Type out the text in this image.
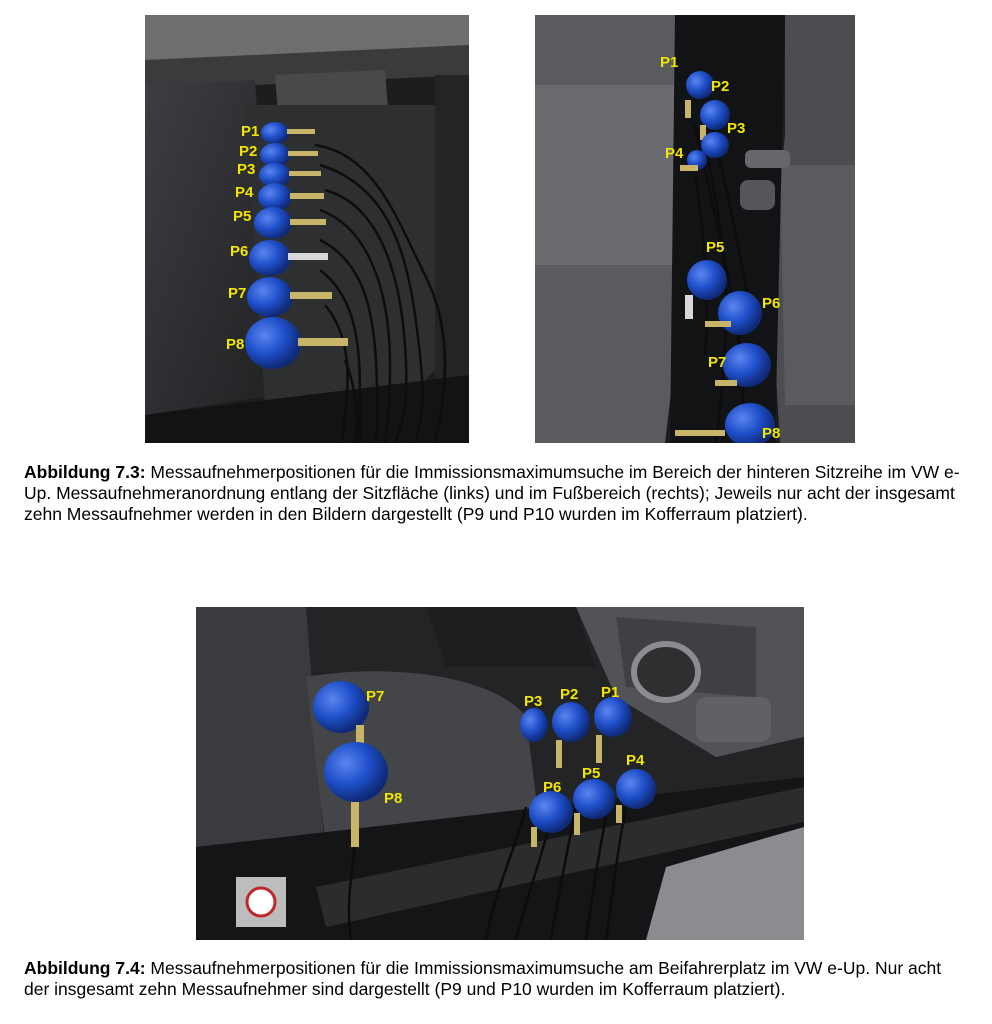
P1
P2
P3
P4
P5
P6
P7
P8
P1
P2
P3
P4
P5
P6
P7
P8
Abbildung 7.3: Messaufnehmerpositionen für die Immissionsmaximumsuche im Bereich der hinteren Sitzreihe im VW e-Up. Messaufnehmeranordnung entlang der Sitzfläche (links) und im Fußbereich (rechts); Jeweils nur acht der insgesamt zehn Messaufnehmer werden in den Bildern dargestellt (P9 und P10 wurden im Kofferraum platziert).
P7
P8
P3 P2 P1
P4
P5
P6
Abbildung 7.4: Messaufnehmerpositionen für die Immissionsmaximumsuche am Beifahrerplatz im VW e-Up. Nur acht der insgesamt zehn Messaufnehmer sind dargestellt (P9 und P10 wurden im Kofferraum platziert).
